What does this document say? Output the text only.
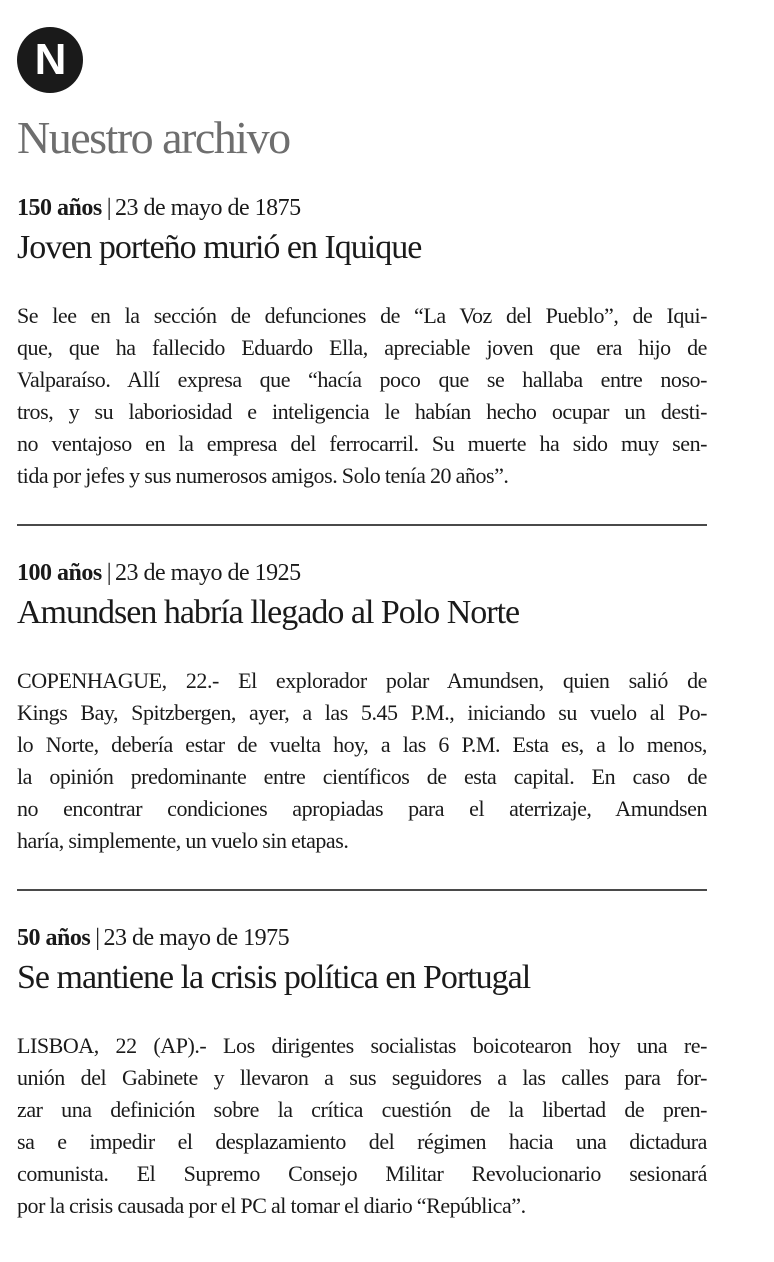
N
Nuestro archivo

150 años | 23 de mayo de 1875

Joven porteño murió en Iquique
Se lee en la sección de defunciones de “La Voz del Pueblo”, de Iqui-
que, que ha fallecido Eduardo Ella, apreciable joven que era hijo de
Valparaíso. Allí expresa que “hacía poco que se hallaba entre noso-
tros, y su laboriosidad e inteligencia le habían hecho ocupar un desti-
no ventajoso en la empresa del ferrocarril. Su muerte ha sido muy sen-
tida por jefes y sus numerosos amigos. Solo tenía 20 años”.

100 años | 23 de mayo de 1925

Amundsen habría llegado al Polo Norte
COPENHAGUE, 22.- El explorador polar Amundsen, quien salió de
Kings Bay, Spitzbergen, ayer, a las 5.45 P.M., iniciando su vuelo al Po-
lo Norte, debería estar de vuelta hoy, a las 6 P.M. Esta es, a lo menos,
la opinión predominante entre científicos de esta capital. En caso de
no encontrar condiciones apropiadas para el aterrizaje, Amundsen
haría, simplemente, un vuelo sin etapas.

50 años | 23 de mayo de 1975

Se mantiene la crisis política en Portugal
LISBOA, 22 (AP).- Los dirigentes socialistas boicotearon hoy una re-
unión del Gabinete y llevaron a sus seguidores a las calles para for-
zar una definición sobre la crítica cuestión de la libertad de pren-
sa e impedir el desplazamiento del régimen hacia una dictadura
comunista. El Supremo Consejo Militar Revolucionario sesionará
por la crisis causada por el PC al tomar el diario “República”.
